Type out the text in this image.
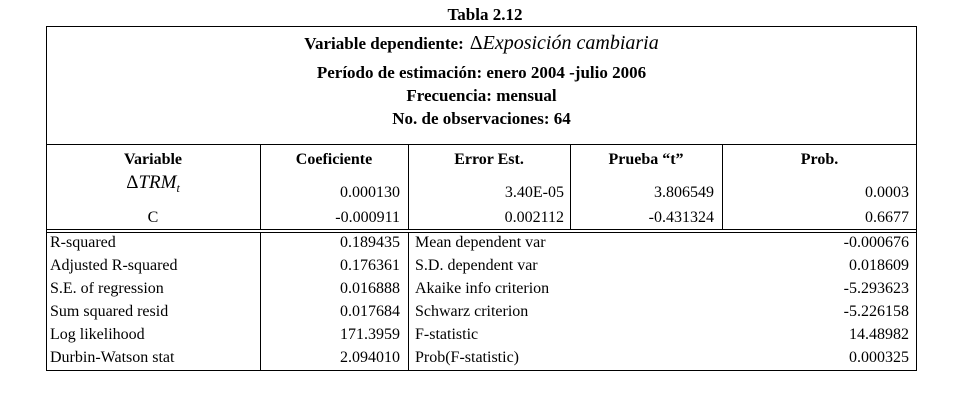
Tabla 2.12
Variable dependiente: ΔExposición cambiaria
Período de estimación: enero 2004 -julio 2006
Frecuencia: mensual
No. de observaciones: 64
Variable	Coeficiente	Error Est.	Prueba “t”	Prob.
$\Delta TRM_t$	0.000130	3.40E-05	3.806549	0.0003
C	-0.000911	0.002112	-0.431324	0.6677
R-squared	0.189435 Mean dependent var	-0.000676
Adjusted R-squared	0.176361 S.D. dependent var	0.018609
S.E. of regression	0.016888 Akaike info criterion	-5.293623
Sum squared resid	0.017684 Schwarz criterion	-5.226158
Log likelihood	171.3959 F-statistic	14.48982
Durbin-Watson stat	2.094010 Prob(F-statistic)	0.000325
